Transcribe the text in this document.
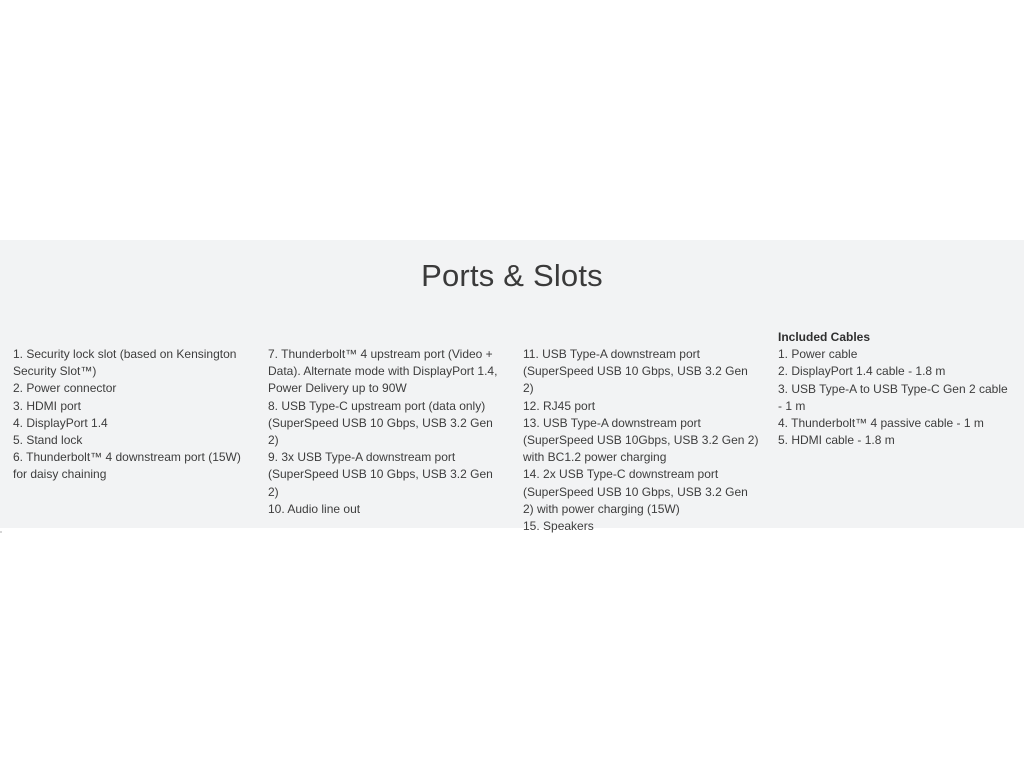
Ports & Slots

1. Security lock slot (based on Kensington Security Slot™)

2. Power connector

3. HDMI port

4. DisplayPort 1.4

5. Stand lock

6. Thunderbolt™ 4 downstream port (15W) for daisy chaining

7. Thunderbolt™ 4 upstream port (Video + Data). Alternate mode with DisplayPort 1.4, Power Delivery up to 90W

8. USB Type-C upstream port (data only) (SuperSpeed USB 10 Gbps, USB 3.2 Gen 2)

9. 3x USB Type-A downstream port (SuperSpeed USB 10 Gbps, USB 3.2 Gen 2)

10. Audio line out

11. USB Type-A downstream port (SuperSpeed USB 10 Gbps, USB 3.2 Gen 2)

12. RJ45 port

13. USB Type-A downstream port (SuperSpeed USB 10Gbps, USB 3.2 Gen 2) with BC1.2 power charging

14. 2x USB Type-C downstream port (SuperSpeed USB 10 Gbps, USB 3.2 Gen 2) with power charging (15W)

15. Speakers

Included Cables

1. Power cable

2. DisplayPort 1.4 cable - 1.8 m

3. USB Type-A to USB Type-C Gen 2 cable - 1 m

4. Thunderbolt™ 4 passive cable - 1 m

5. HDMI cable - 1.8 m
